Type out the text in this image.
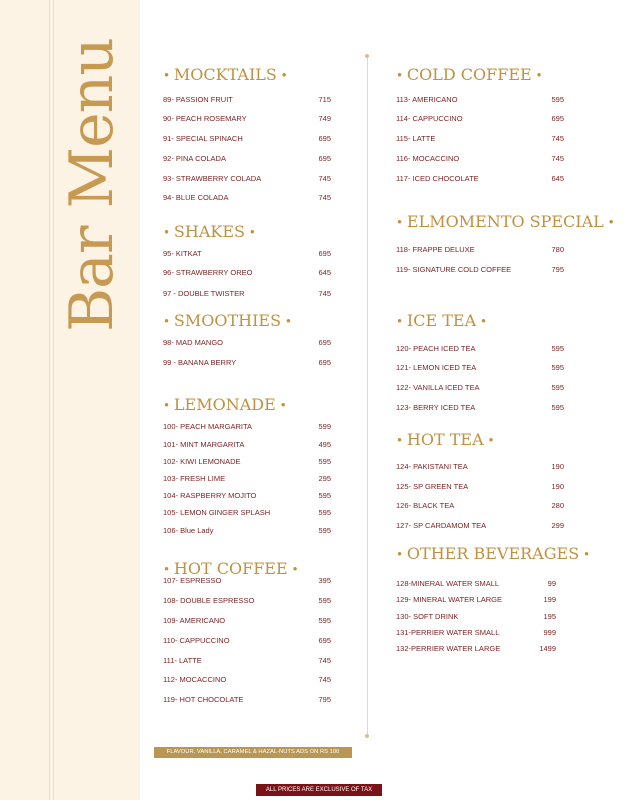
Bar Menu	• MOCKTAILS •
89- PASSION FRUIT	715
90- PEACH ROSEMARY	749
91- SPECIAL SPINACH	695
92- PINA COLADA	695
93- STRAWBERRY COLADA	745
94- BLUE COLADA	745
• SHAKES •
95- KITKAT	695
96- STRAWBERRY OREO	645
97 - DOUBLE TWISTER	745
• SMOOTHIES •
98- MAD MANGO	695
99 - BANANA BERRY	695
• LEMONADE •
100- PEACH MARGARITA	599
101- MINT MARGARITA	495
102- KIWI LEMONADE	595
103- FRESH LIME	295
104- RASPBERRY MOJITO	595
105- LEMON GINGER SPLASH	595
106- Blue Lady	595
• HOT COFFEE •
107- ESPRESSO	395
108- DOUBLE ESPRESSO	595
109- AMERICANO	595
110- CAPPUCCINO	695
111- LATTE	745
112- MOCACCINO	745
119- HOT CHOCOLATE	795
• COLD COFFEE •
113- AMERICANO	595
114- CAPPUCCINO	695
115- LATTE	745
116- MOCACCINO	745
117- ICED CHOCOLATE	645
• ELMOMENTO SPECIAL •
118- FRAPPE DELUXE	780
119- SIGNATURE COLD COFFEE	795
• ICE TEA •
120- PEACH ICED TEA	595
121- LEMON ICED TEA	595
122- VANILLA ICED TEA	595
123- BERRY ICED TEA	595
• HOT TEA •
124- PAKISTANI TEA	190
125- SP GREEN TEA	190
126- BLACK TEA	280
127- SP CARDAMOM TEA	299
• OTHER BEVERAGES •
128-MINERAL WATER SMALL	99
129- MINERAL WATER LARGE	199
130- SOFT DRINK	195
131-PERRIER WATER SMALL	999
132-PERRIER WATER LARGE	1499
FLAVOUR, VANILLA, CARAMEL & HAZAL-NUTS ADS ON RS 100
ALL PRICES ARE EXCLUSIVE OF TAX
